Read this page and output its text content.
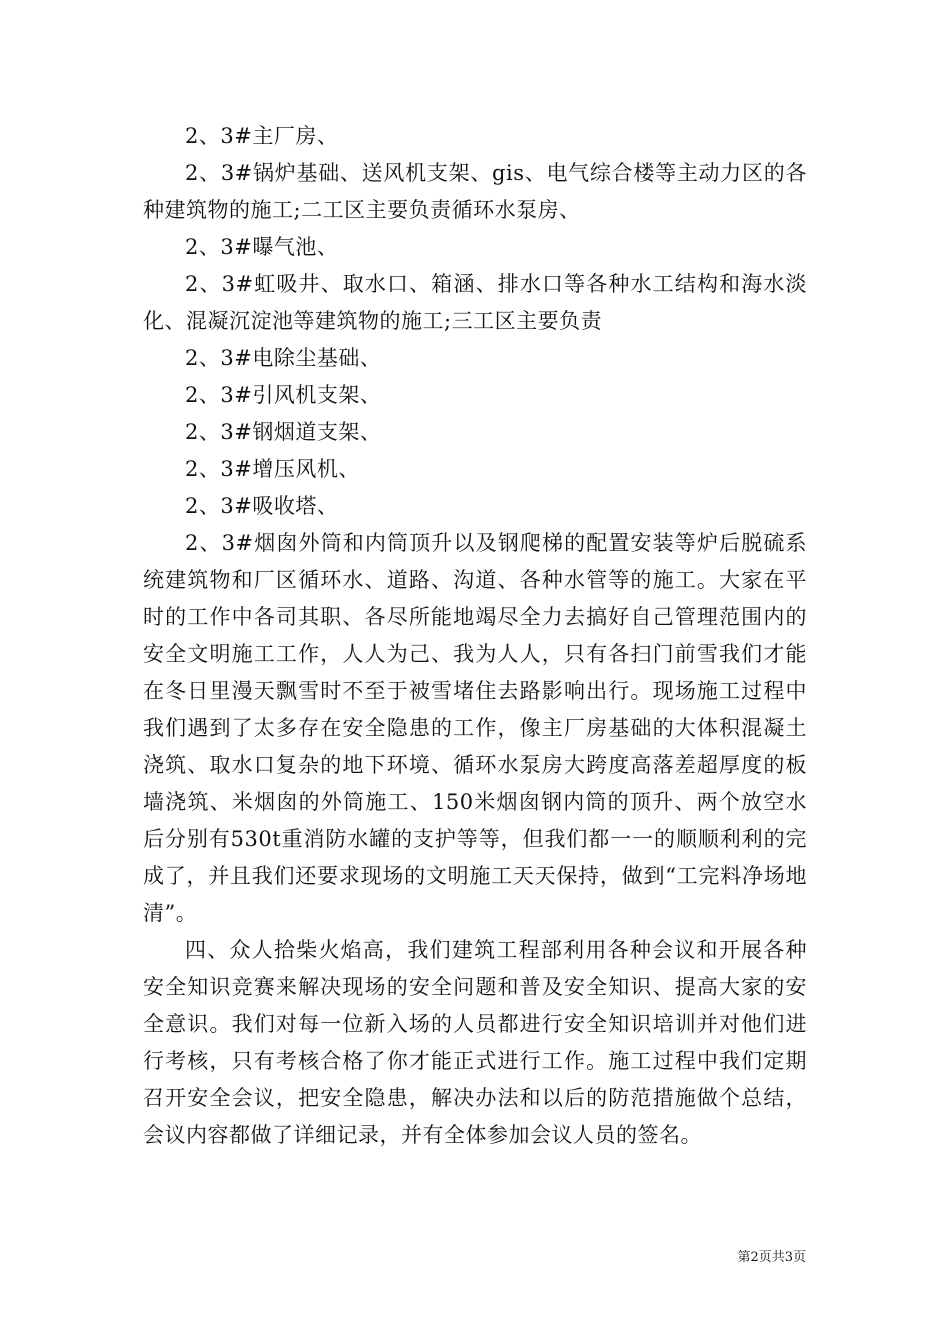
2、3#主厂房、

2、3#锅炉基础、送风机支架、gis、电气综合楼等主动力区的各种建筑物的施工;二工区主要负责循环水泵房、

2、3#曝气池、

2、3#虹吸井、取水口、箱涵、排水口等各种水工结构和海水淡化、混凝沉淀池等建筑物的施工;三工区主要负责

2、3#电除尘基础、

2、3#引风机支架、

2、3#钢烟道支架、

2、3#增压风机、

2、3#吸收塔、

2、3#烟囱外筒和内筒顶升以及钢爬梯的配置安装等炉后脱硫系统建筑物和厂区循环水、道路、沟道、各种水管等的施工。大家在平时的工作中各司其职、各尽所能地竭尽全力去搞好自己管理范围内的安全文明施工工作，人人为己、我为人人，只有各扫门前雪我们才能在冬日里漫天飘雪时不至于被雪堵住去路影响出行。现场施工过程中我们遇到了太多存在安全隐患的工作，像主厂房基础的大体积混凝土浇筑、取水口复杂的地下环境、循环水泵房大跨度高落差超厚度的板墙浇筑、米烟囱的外筒施工、150米烟囱钢内筒的顶升、两个放空水后分别有530t重消防水罐的支护等等，但我们都一一的顺顺利利的完成了，并且我们还要求现场的文明施工天天保持，做到“工完料净场地清”。

四、众人拾柴火焰高，我们建筑工程部利用各种会议和开展各种安全知识竞赛来解决现场的安全问题和普及安全知识、提高大家的安全意识。我们对每一位新入场的人员都进行安全知识培训并对他们进行考核，只有考核合格了你才能正式进行工作。施工过程中我们定期召开安全会议，把安全隐患，解决办法和以后的防范措施做个总结，会议内容都做了详细记录，并有全体参加会议人员的签名。

第2页共3页
